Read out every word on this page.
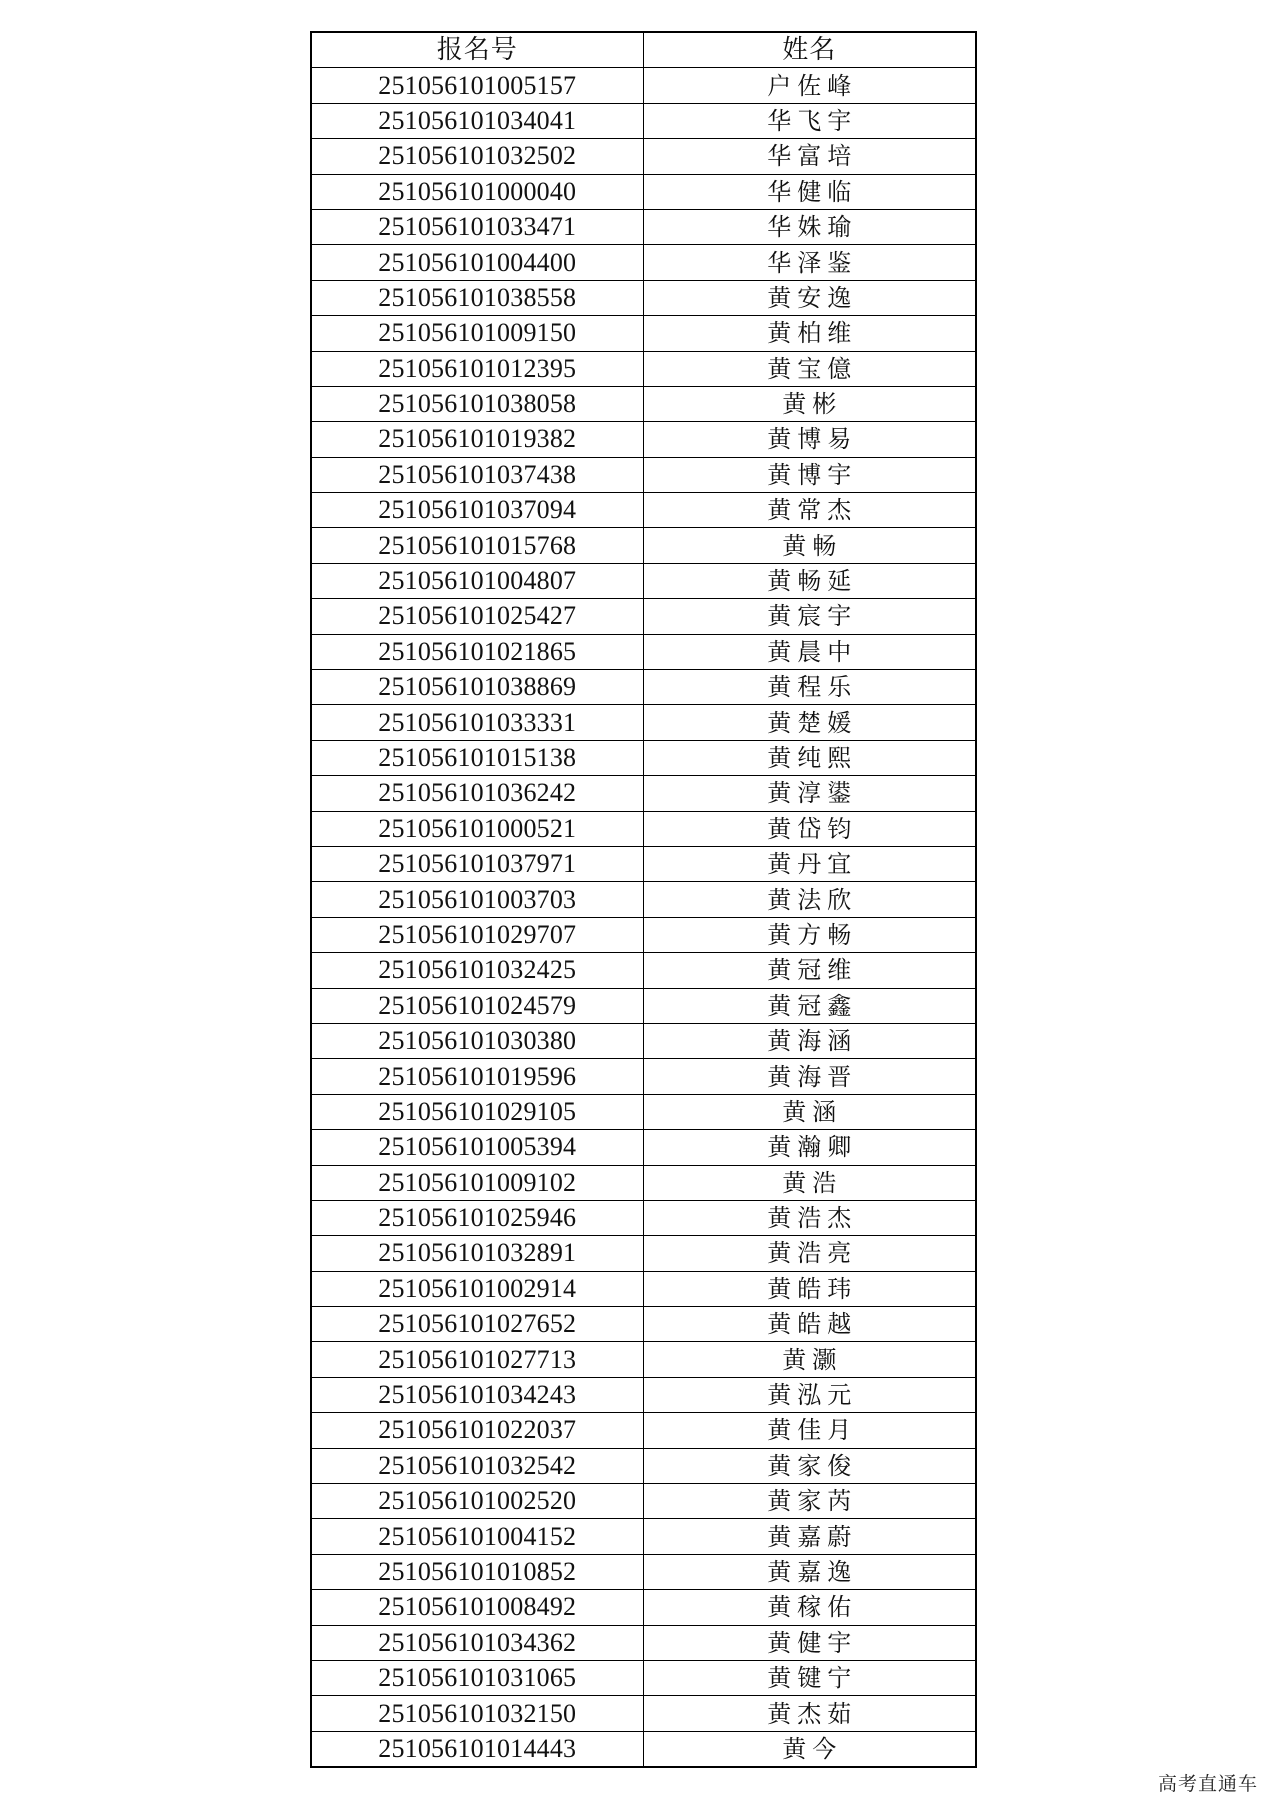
报名号	姓名
251056101005157	户佐峰
251056101034041	华飞宇
251056101032502	华富培
251056101000040	华健临
251056101033471	华姝瑜
251056101004400	华泽鉴
251056101038558	黄安逸
251056101009150	黄柏维
251056101012395	黄宝億
251056101038058	黄彬
251056101019382	黄博易
251056101037438	黄博宇
251056101037094	黄常杰
251056101015768	黄畅
251056101004807	黄畅延
251056101025427	黄宸宇
251056101021865	黄晨中
251056101038869	黄程乐
251056101033331	黄楚媛
251056101015138	黄纯熙
251056101036242	黄淳鍙
251056101000521	黄岱钧
251056101037971	黄丹宜
251056101003703	黄法欣
251056101029707	黄方畅
251056101032425	黄冠维
251056101024579	黄冠鑫
251056101030380	黄海涵
251056101019596	黄海晋
251056101029105	黄涵
251056101005394	黄瀚卿
251056101009102	黄浩
251056101025946	黄浩杰
251056101032891	黄浩亮
251056101002914	黄皓玮
251056101027652	黄皓越
251056101027713	黄灏
251056101034243	黄泓元
251056101022037	黄佳月
251056101032542	黄家俊
251056101002520	黄家芮
251056101004152	黄嘉蔚
251056101010852	黄嘉逸
251056101008492	黄稼佑
251056101034362	黄健宇
251056101031065	黄键宁
251056101032150	黄杰茹
251056101014443	黄今
高考直通车
